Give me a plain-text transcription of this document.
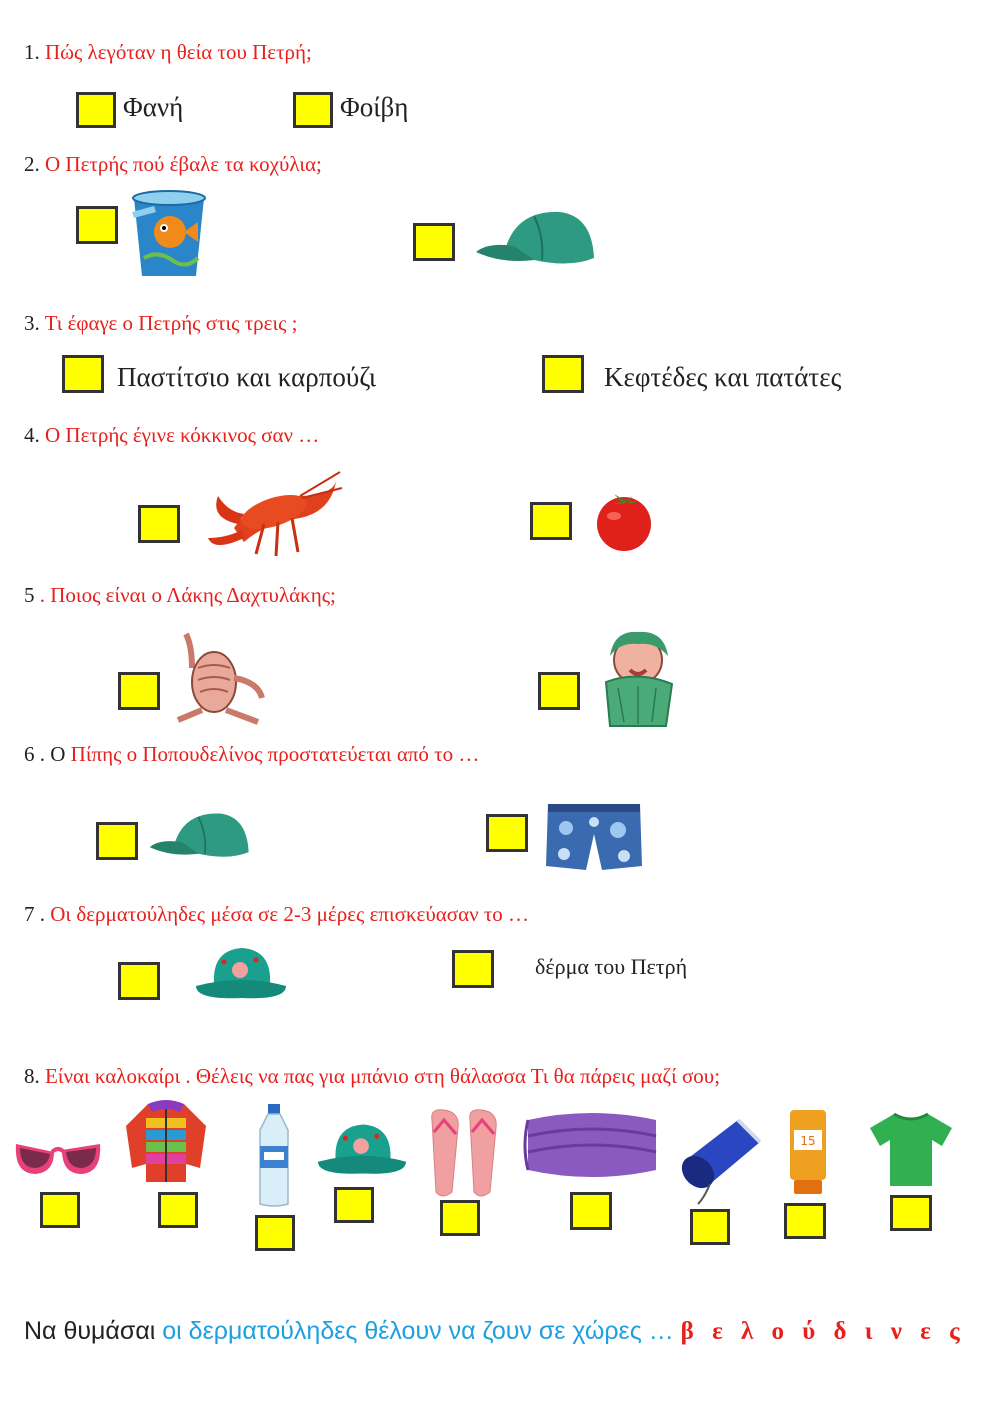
1. Πώς λεγόταν η θεία του Πετρή;
Φανή	Φοίβη
2. Ο Πετρής πού έβαλε τα κοχύλια;
3. Τι έφαγε ο Πετρής στις τρεις ;
Παστίτσιο και καρπούζι	Κεφτέδες και πατάτες
4. Ο Πετρής έγινε κόκκινος σαν …
5 . Ποιος είναι ο Λάκης Δαχτυλάκης;
6 . Ο Πίπης ο Ποπουδελίνος προστατεύεται από το …
7 . Οι δερματούληδες μέσα σε 2-3 μέρες επισκεύασαν το …
δέρμα του Πετρή
8. Είναι καλοκαίρι . Θέλεις να πας για μπάνιο στη θάλασσα Τι θα πάρεις μαζί σου;
15
Να θυμάσαι οι δερματούληδες θέλουν να ζουν σε χώρες … β ε λ ο ύ δ ι ν ε ς
